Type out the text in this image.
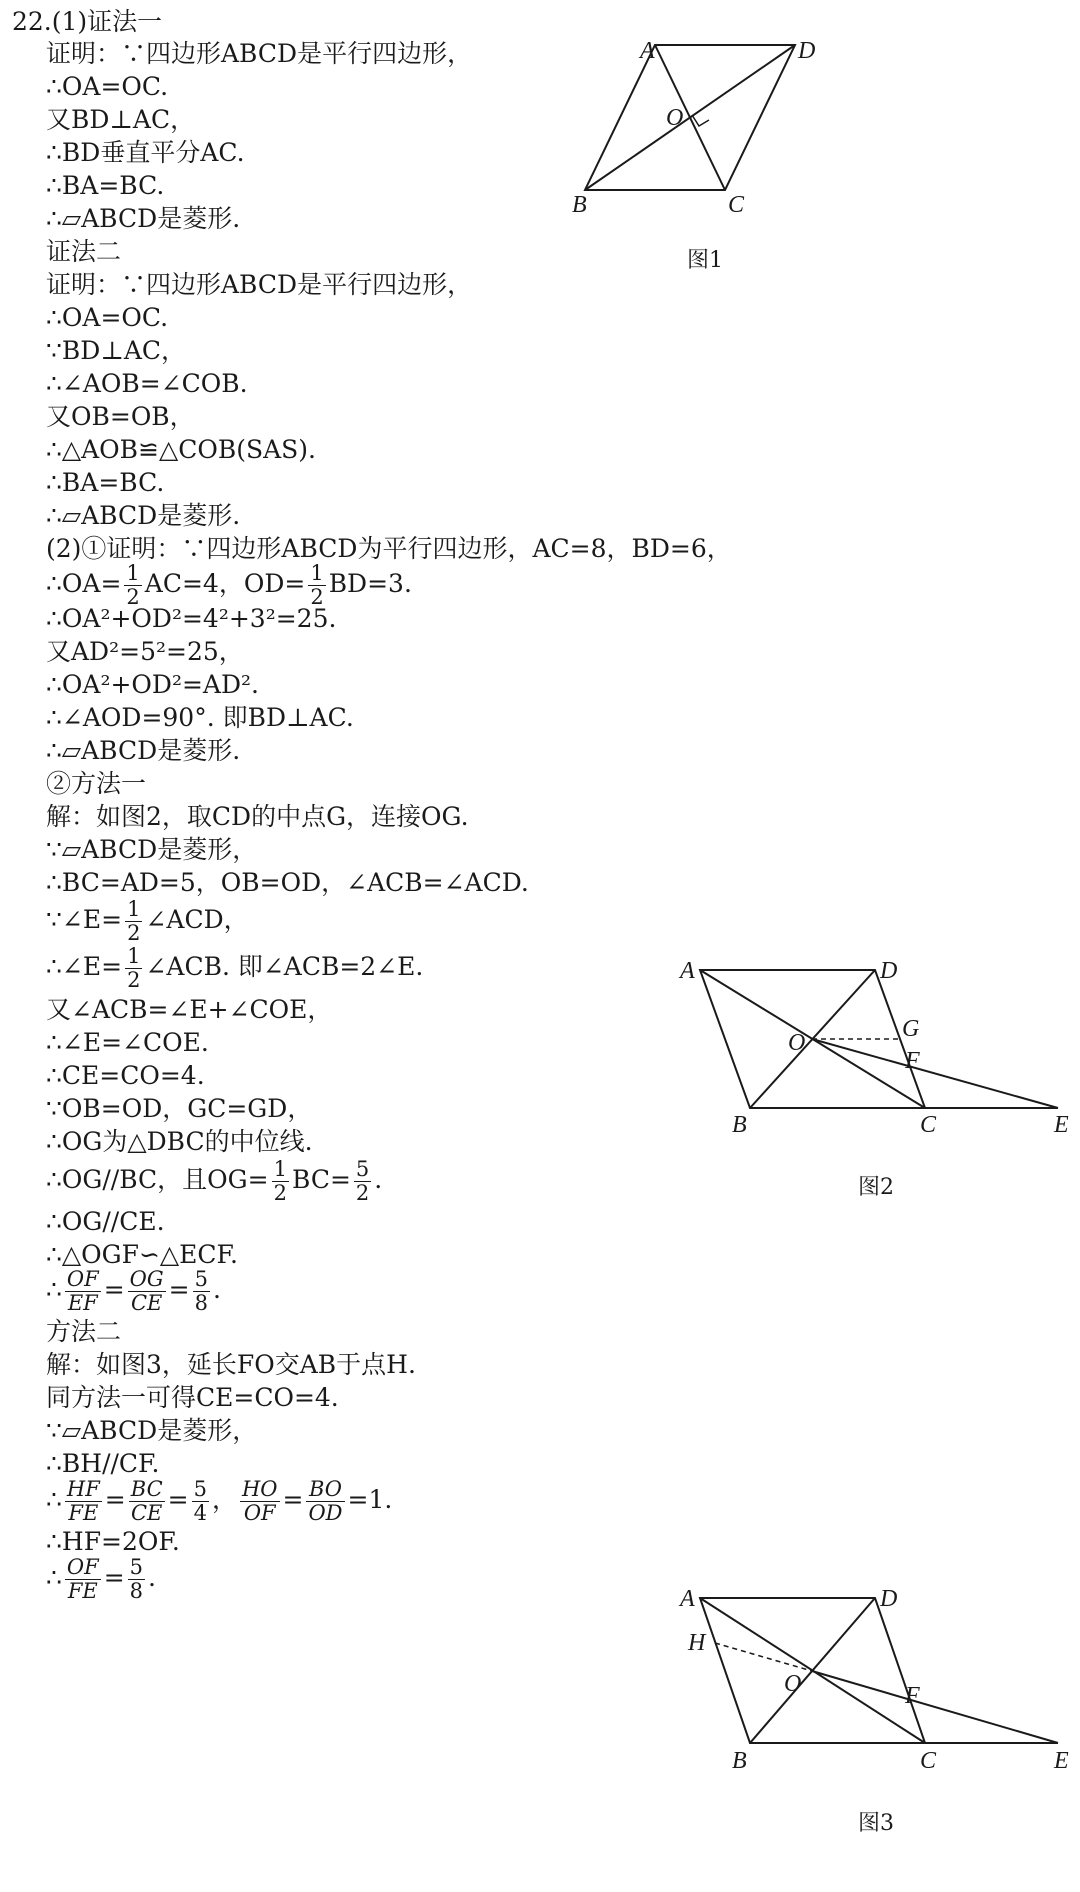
22.(1)证法一
证明：∵四边形ABCD是平行四边形，
∴OA=OC.
又BD⊥AC，
∴BD垂直平分AC.
∴BA=BC.
∴▱ABCD是菱形.
证法二
证明：∵四边形ABCD是平行四边形，
∴OA=OC.
∵BD⊥AC，
∴∠AOB=∠COB.
又OB=OB，
∴△AOB≌△COB(SAS).
∴BA=BC.
∴▱ABCD是菱形.
(2)①证明：∵四边形ABCD为平行四边形，AC=8，BD=6，
∴OA= $\frac{1}{2} AC=4$，$OD= \frac{1}{2} BD=3$.
∴OA²+OD²=4²+3²=25.
又AD²=5²=25，
∴OA²+OD²=AD².
∴∠AOD=90°. 即BD⊥AC.
∴▱ABCD是菱形.
②方法一
解：如图2，取CD的中点G，连接OG.
∵▱ABCD是菱形，
∴BC=AD=5，OB=OD，∠ACB=∠ACD.
∵∠E= $\frac{1}{2}$ ∠ACD，
∴∠E= $\frac{1}{2}$ ∠ACB. 即∠ACB=2∠E.
又∠ACB=∠E+∠COE，
∴∠E=∠COE.
∴CE=CO=4.
∵OB=OD，GC=GD，
∴OG为△DBC的中位线.
∴OG//BC，且$OG= \frac{1}{2} BC= \frac{5}{2}$ .
∴OG//CE.
∴△OGF∽△ECF.
∴ $\frac{OF}{EF} = \frac{OG}{CE} = \frac{5}{8}$ .
方法二
解：如图3，延长FO交AB于点H.
同方法一可得CE=CO=4.
∵▱ABCD是菱形，
∴BH//CF.
∴ $\frac{HF}{FE} = \frac{BC}{CE} = \frac{5}{4}$ ， $\frac{HO}{OF} = \frac{BO}{OD} =1$.
∴HF=2OF.
∴ $\frac{OF}{FE} = \frac{5}{8}$ .
A	D
O
B	C
图1
A	D
G
O
F
B	C	E
图2
A	D
H
O	F
B	C	E
图3
